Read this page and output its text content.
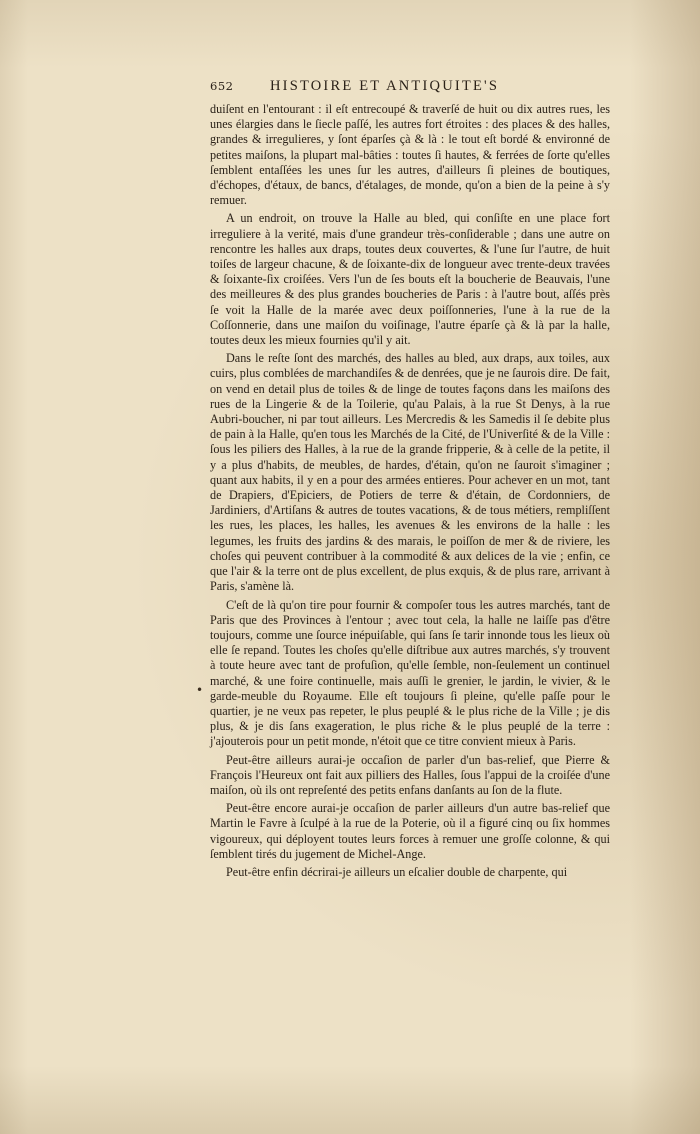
652	HISTOIRE ET ANTIQUITE'S

duiſent en l'entourant : il eſt entrecoupé & traverſé de huit ou dix autres rues, les unes élargies dans le ſiecle paſſé, les autres fort étroites : des places & des halles, grandes & irregulieres, y ſont éparſes çà & là : le tout eſt bordé & environné de petites maiſons, la plupart mal-bâties : toutes ſi hautes, & ferrées de ſorte qu'elles ſemblent entaſſées les unes ſur les autres, d'ailleurs ſi pleines de boutiques, d'échopes, d'étaux, de bancs, d'étalages, de monde, qu'on a bien de la peine à s'y remuer.

A un endroit, on trouve la Halle au bled, qui conſiſte en une place fort irreguliere à la verité, mais d'une grandeur très-conſiderable ; dans une autre on rencontre les halles aux draps, toutes deux couvertes, & l'une ſur l'autre, de huit toiſes de largeur chacune, & de ſoixante-dix de longueur avec trente-deux travées & ſoixante-ſix croiſées. Vers l'un de ſes bouts eſt la boucherie de Beauvais, l'une des meilleures & des plus grandes boucheries de Paris : à l'autre bout, aſſés près ſe voit la Halle de la marée avec deux poiſſonneries, l'une à la rue de la Coſſonnerie, dans une maiſon du voiſinage, l'autre éparſe çà & là par la halle, toutes deux les mieux fournies qu'il y ait.

Dans le reſte ſont des marchés, des halles au bled, aux draps, aux toiles, aux cuirs, plus comblées de marchandiſes & de denrées, que je ne ſaurois dire. De fait, on vend en detail plus de toiles & de linge de toutes façons dans les maiſons des rues de la Lingerie & de la Toilerie, qu'au Palais, à la rue St Denys, à la rue Aubri-boucher, ni par tout ailleurs. Les Mercredis & les Samedis il ſe debite plus de pain à la Halle, qu'en tous les Marchés de la Cité, de l'Univerſité & de la Ville : ſous les piliers des Halles, à la rue de la grande fripperie, & à celle de la petite, il y a plus d'habits, de meubles, de hardes, d'étain, qu'on ne ſauroit s'imaginer ; quant aux habits, il y en a pour des armées entieres. Pour achever en un mot, tant de Drapiers, d'Epiciers, de Potiers de terre & d'étain, de Cordonniers, de Jardiniers, d'Artiſans & autres de toutes vacations, & de tous métiers, rempliſſent les rues, les places, les halles, les avenues & les environs de la halle : les legumes, les fruits des jardins & des marais, le poiſſon de mer & de riviere, les choſes qui peuvent contribuer à la commodité & aux delices de la vie ; enfin, ce que l'air & la terre ont de plus excellent, de plus exquis, & de plus rare, arrivant à Paris, s'amène là.

C'eſt de là qu'on tire pour fournir & compoſer tous les autres marchés, tant de Paris que des Provinces à l'entour ; avec tout cela, la halle ne laiſſe pas d'être toujours, comme une ſource inépuiſable, qui ſans ſe tarir innonde tous les lieux où elle ſe repand. Toutes les choſes qu'elle diſtribue aux autres marchés, s'y trouvent à toute heure avec tant de profuſion, qu'elle ſemble, non-ſeulement un continuel marché, & une foire continuelle, mais auſſi le grenier, le jardin, le vivier, & le garde-meuble du Royaume. Elle eſt toujours ſi pleine, qu'elle paſſe pour le quartier, je ne veux pas repeter, le plus peuplé & le plus riche de la Ville ; je dis plus, & je dis ſans exageration, le plus riche & le plus peuplé de la terre : j'ajouterois pour un petit monde, n'étoit que ce titre convient mieux à Paris.

Peut-être ailleurs aurai-je occaſion de parler d'un bas-relief, que Pierre & François l'Heureux ont fait aux pilliers des Halles, ſous l'appui de la croiſée d'une maiſon, où ils ont repreſenté des petits enfans danſants au ſon de la flute.

Peut-être encore aurai-je occaſion de parler ailleurs d'un autre bas-relief que Martin le Favre à ſculpé à la rue de la Poterie, où il a figuré cinq ou ſix hommes vigoureux, qui déployent toutes leurs forces à remuer une groſſe colonne, & qui ſemblent tirés du jugement de Michel-Ange.

Peut-être enfin décrirai-je ailleurs un eſcalier double de charpente, qui

•
